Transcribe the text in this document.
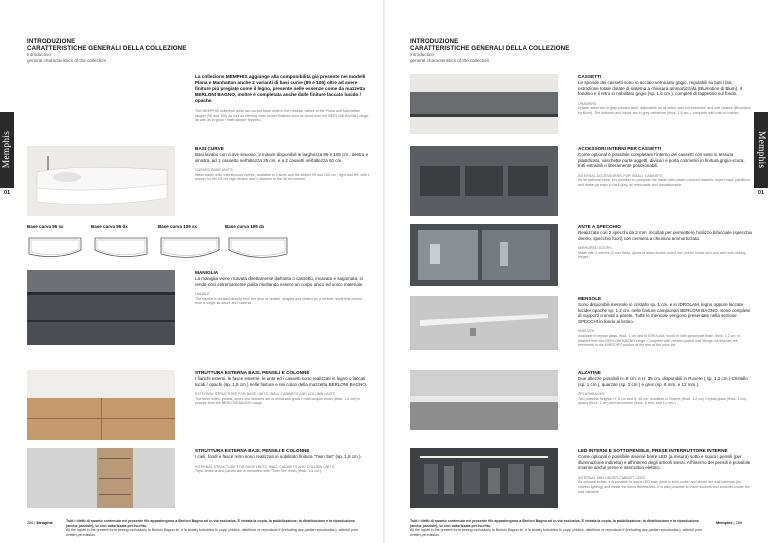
INTRODUZIONE
CARATTERISTICHE GENERALI DELLA COLLEZIONE
Introduction
general characteristics of the collection
INTRODUZIONE
CARATTERISTICHE GENERALI DELLA COLLEZIONE
Introduction
general characteristics of the collection
Memphis
01
Memphis
01
La collezione MEMPHIS aggiunge alla componibilità già presente nei modelli Plana e Manhattan anche 2 varianti di basi curve (95 e 105) oltre ad avere finiture più pregiate come il legno, presente nelle essenze come da mazzetta BERLONI BAGNO, inoltre è completata anche dalle finiture laccato lucido / opache.
The MEMPHIS collection adds two curved base units to the modular nature of the Plana and Manhattan ranges (95 and 105) as well as offering more prized finishes such as wood from the BERLONI BAGNO range, as well as in gloss / matt lacquer finishes.
BASI CURVE
Basi lavabo con curve sinuose, 2 misure disponibili in larghezza 95 e 105 cm , destra e sinistra, ad 1 cassetto nell'altezza 25 cm. e a 2 cassetti nell'altezza 50 cm.
CURVED BASE UNITS
Wash basin units with sinuous curves, available in 2 sizes and the widths 95 and 105 cm , right and left, with 1 drawer for the 25 cm high version and 2 drawers in the 50 cm version.
Base curva 95 sx	Base curva 95 dx	Base curva 105 sx	Base curva 105 dx
MANIGLIA
La maniglia viene ricavata direttamente dall'anta o cassetto, incavata e sagomata, si rende così estremamente pulita risultando essere un corpo unico ed unico materiale.
HANDLE
The handle is created directly from the door or drawer, shaped and slotted for a cleaner result that comes from a single structure and material.
STRUTTURA ESTERNA BASI, PENSILI E COLONNE
I fianchi esterni, le fasce esterne, le ante ed i cassetti sono realizzati in legno o laccati lucidi / opachi (sp. 1,8 cm.) nelle finiture e nei colori della mazzetta BERLONI BAGNO.
EXTERNAL STRUCTURE FOR BASE UNITS, WALL CABINETS AND COLUMN UNITS
The outer sides, panels, doors and drawers are in wood with gloss / matt lacquer finish (thick. 1,8 cm) in colours from the BERLONI BAGNO range.
STRUTTURA ESTERNA BASI, PENSILI E COLONNE
I cieli, fondi e fasce retro sono realizzati in nobilitato finitura "Twin Set" (sp. 1,8 cm.).
INTERNAL STRUCTURE FOR BASE UNITS, WALL CABINETS AND COLUMN UNITS
Tops, bottoms and panels are in melamine with "Twin Set" finish (thick. 1,8 cm.).
CASSETTI
Le sponde dei cassetti sono in acciaio verniciato grigio, regolabili su tutti i lati, estrazione totale dotate di sistema a chiusura ammortizzata (Blumotion di Blum). Il fondino e il retro in nobilitato grigio (sp. 1,6 cm.), completi di tappetino sul fondo.
DRAWERS
Drawer sides are in gray painted steel, adjustable on all sides, with full extraction and soft closure (Blumotion by Blum). The bottoms and backs are in grey melamine (thick. 1,6 cm.), complete with mat on bottom.
ACCESSORI INTERNI PER CASSETTI
Come optional è possibile completare l'interno dei cassetti con sesti in tessuto plastificato, vaschette porta oggetti, divisori e porta cosmetici in finitura grigio-scura, tutti estraibili e liberamente posizionabili.
INTERNAL ACCESSORIES FOR SMALL CABINETS
As an optional extra, it is possible to complete the inside with plastic covered baskets, object trays, partitions and make-up trays in dark grey, all removable and repositionable.
ANTE A SPECCHIO
Realizzate con 2 specchi da 3 mm. incollati per permettere l'utilizzo bifacciale (specchio dentro, specchio fuori) con cerniera a chiusura ammortizzata.
MIRRORED DOORS
Made with 2 mirrors (3 mm thick), glued to allow double-sided use (mirror inside and out) with soft-closing hinges.
MENSOLE
Sono disponibili mensole in cristallo sp. 1 cm. e in IDROLAM, legno oppure laccate lucide/ opache sp. 1,2 cm. nelle finiture campionari BERLONI BAGNO. Sono complete di supporti cromati a parete. Tutte le mensole vengono presentate nella sezione SPECCHI in fondo al listino.
SHELVES
Available in crystal glass, thick. 1 cm and in IDROLAM, wood or with gloss/matt finish, thick. 1,2 cm. in finishes from the BERLONI BAGNO range. Complete with chrome-plated wall fittings. All shelves are presented in the MIRRORS section at the end of the price list.
ALZATINE
Due altezze possibili H. 8 cm. e H. 35 cm. disponibili in Rovere ( sp. 1,2 cm.) Cristallo (sp. 1 cm.), quarzite (sp. 2 cm.) e gres (sp. 6 mm. e 12 mm.).
SPLASHBACKS
Two possible heights, H. 8 cm and H. 35 cm, available in Rovere (thick. 1,2 cm) Crystal glass (thick. 1 cm), quartz (thick. 2 cm) and stoneware (thick. 6 mm. and 12 mm.).
LED INTERNI E SOTTOPENSILE, PRESE INTERRUTTORE INTERNE
Come optional è possibile inserire barre LED (a misura) sotto e sopra i pensili (per illuminazione indiretta) e all'interno degli articoli stessi. All'interno dei pensili è possibile inserire anche prese e interruttori elettrici.
INTERNAL AND UNDER-CABINET LEDS
As optional extras, it is possible to insert LED bars (built to size) under and above the wall cabinets (for indirect lighting) and inside the items themselves. It is also possible to insert sockets and switches inside the wall cabinets.
286 | Memphis	Tutti i diritti di quanto contenuto nel presente file appartengono a Berloni Bagno srl in via esclusiva. È vietata la copia, la pubblicazione, la distribuzione e la riproduzione (anche parziale), se non autorizzata per iscritto.
All the rights in the present form belong exclusively to Berloni Bagno srl. It is strictly forbidden to copy, publish, distribute or reproduce it (including any partial reproduction), without prior written permission.
Tutti i diritti di quanto contenuto nel presente file appartengono a Berloni Bagno srl in via esclusiva. È vietata la copia, la pubblicazione, la distribuzione e la riproduzione (anche parziale), se non autorizzata per iscritto.
All the rights in the present form belong exclusively to Berloni Bagno srl. It is strictly forbidden to copy, publish, distribute or reproduce it (including any partial reproduction), without prior written permission.
Memphis | 289
